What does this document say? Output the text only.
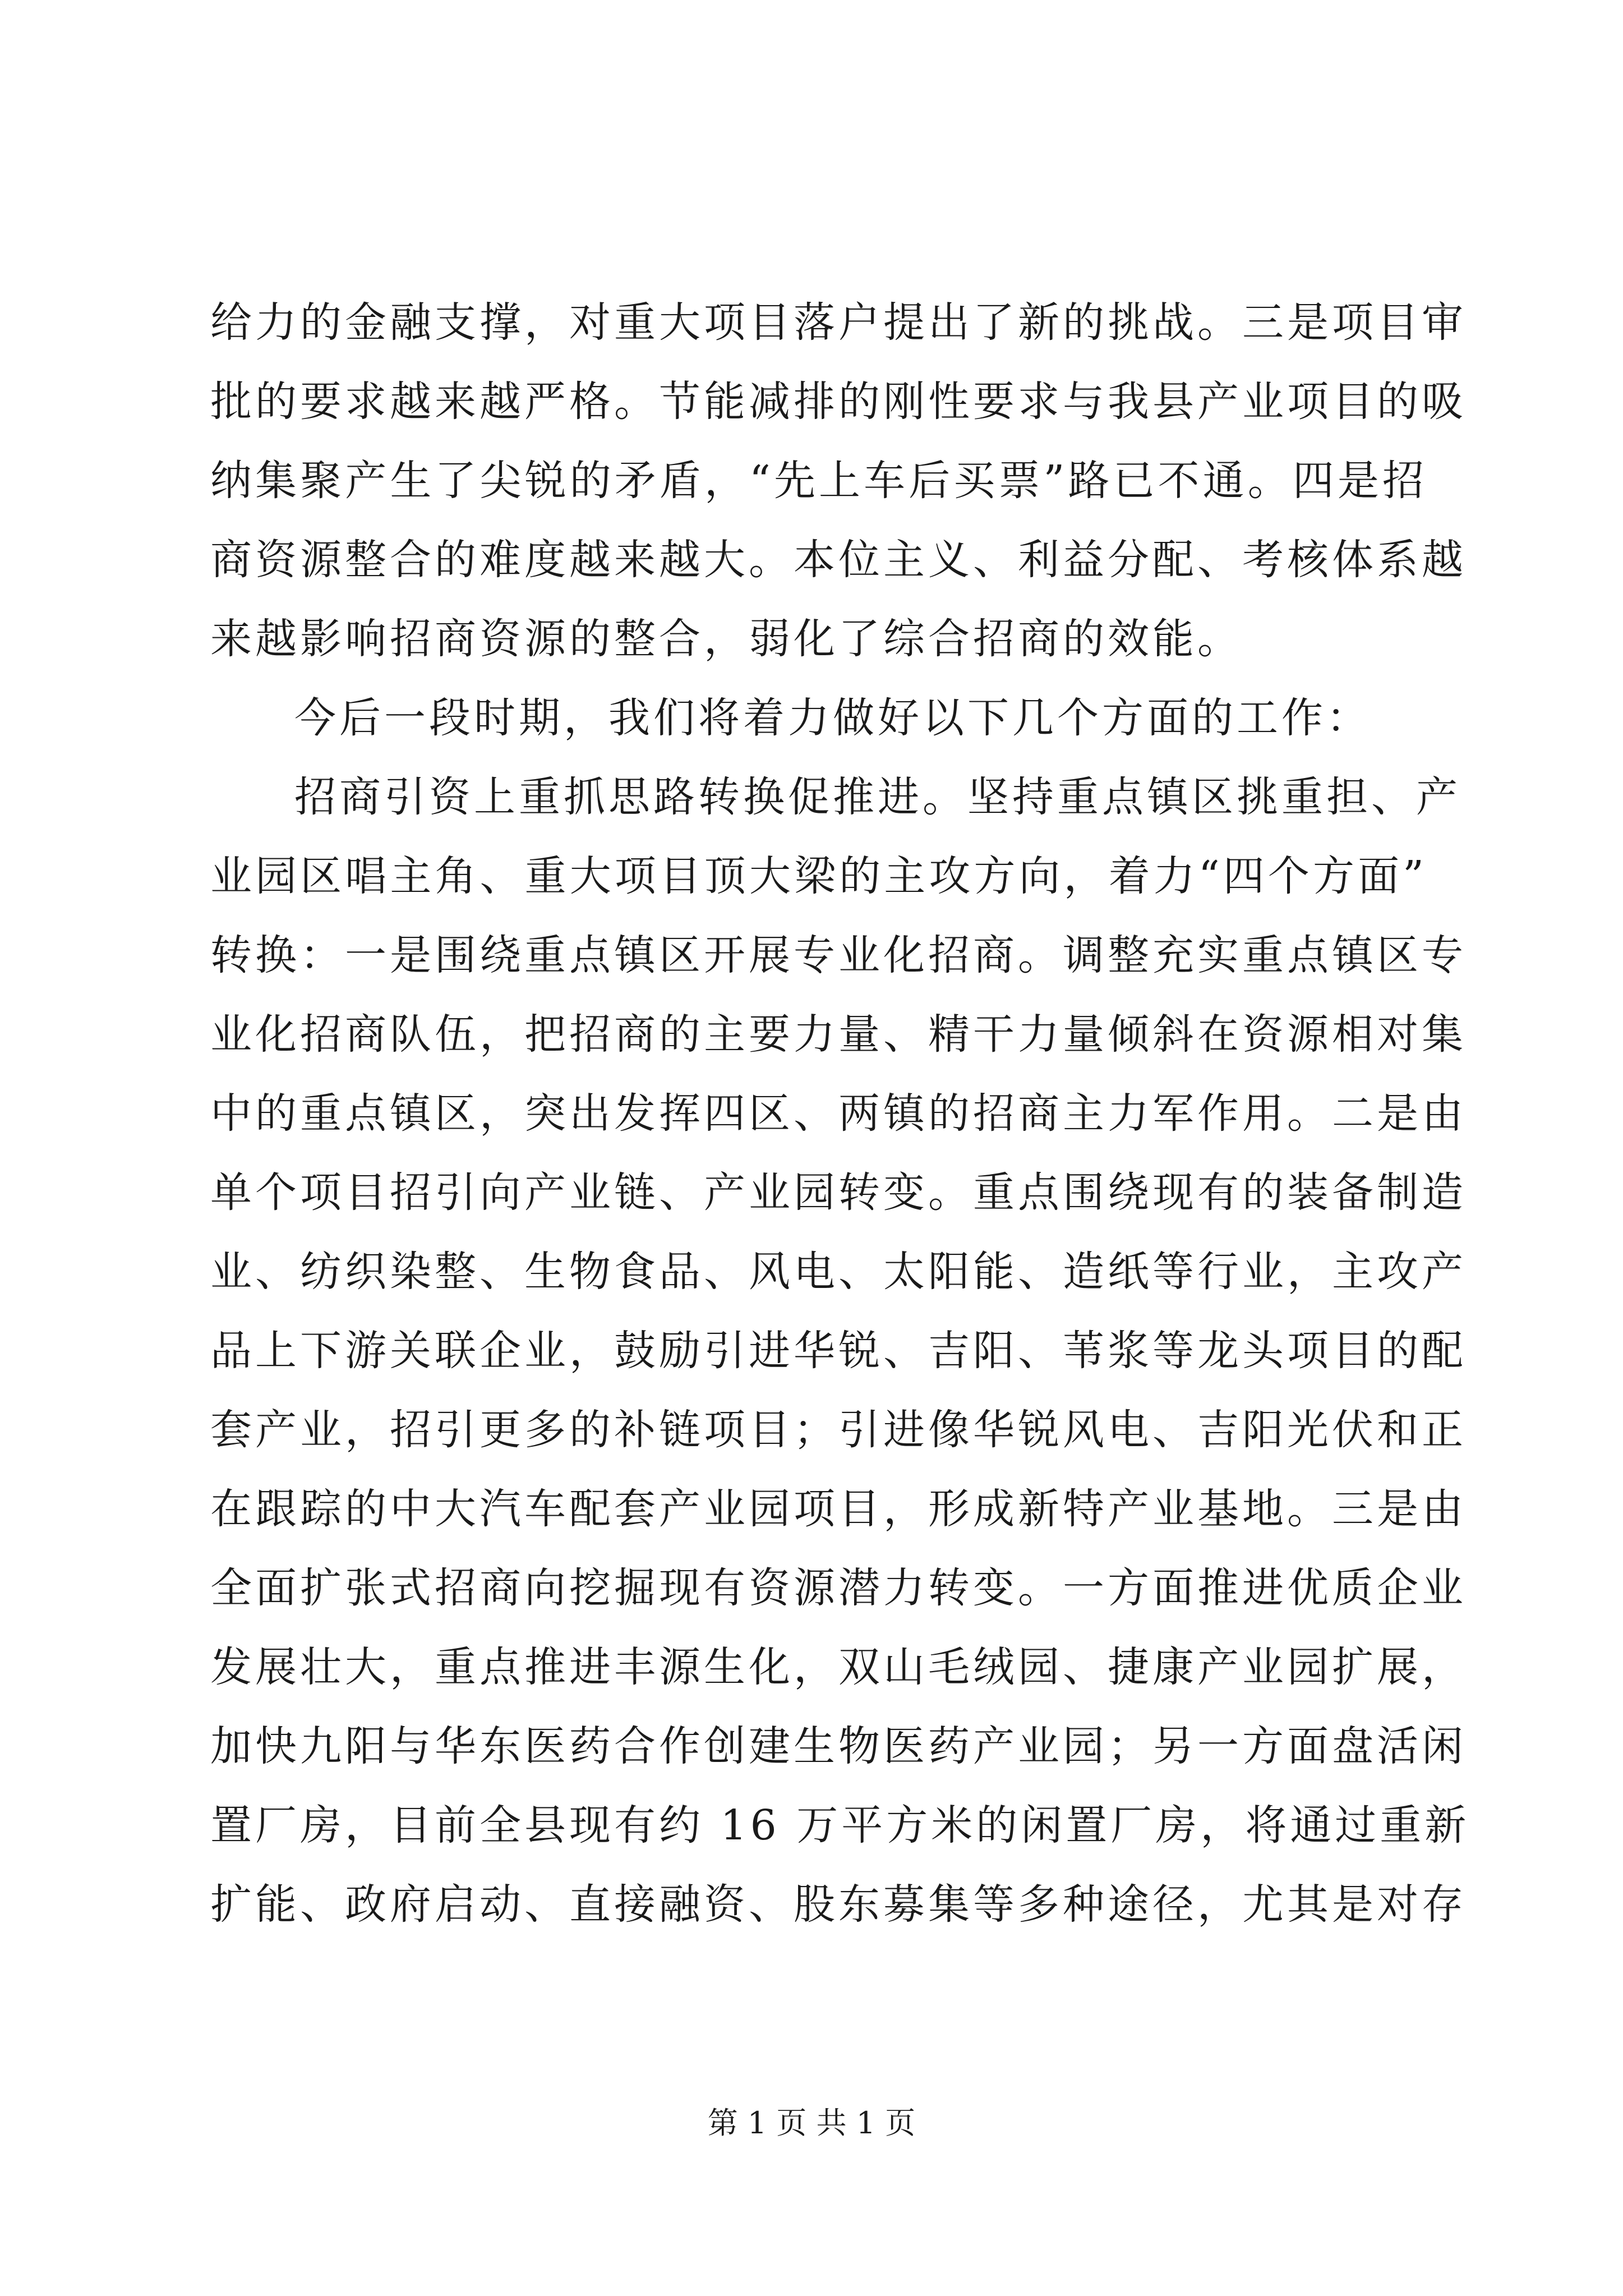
给力的金融支撑，对重大项目落户提出了新的挑战。三是项目审
批的要求越来越严格。节能减排的刚性要求与我县产业项目的吸
纳集聚产生了尖锐的矛盾，“先上车后买票”路已不通。四是招
商资源整合的难度越来越大。本位主义、利益分配、考核体系越
来越影响招商资源的整合，弱化了综合招商的效能。
今后一段时期，我们将着力做好以下几个方面的工作：
招商引资上重抓思路转换促推进。坚持重点镇区挑重担、产
业园区唱主角、重大项目顶大梁的主攻方向，着力“四个方面”
转换：一是围绕重点镇区开展专业化招商。调整充实重点镇区专
业化招商队伍，把招商的主要力量、精干力量倾斜在资源相对集
中的重点镇区，突出发挥四区、两镇的招商主力军作用。二是由
单个项目招引向产业链、产业园转变。重点围绕现有的装备制造
业、纺织染整、生物食品、风电、太阳能、造纸等行业，主攻产
品上下游关联企业，鼓励引进华锐、吉阳、苇浆等龙头项目的配
套产业，招引更多的补链项目；引进像华锐风电、吉阳光伏和正
在跟踪的中大汽车配套产业园项目，形成新特产业基地。三是由
全面扩张式招商向挖掘现有资源潜力转变。一方面推进优质企业
发展壮大，重点推进丰源生化，双山毛绒园、捷康产业园扩展，
加快九阳与华东医药合作创建生物医药产业园；另一方面盘活闲
置厂房，目前全县现有约 16 万平方米的闲置厂房，将通过重新
扩能、政府启动、直接融资、股东募集等多种途径，尤其是对存
第 1 页 共 1 页
